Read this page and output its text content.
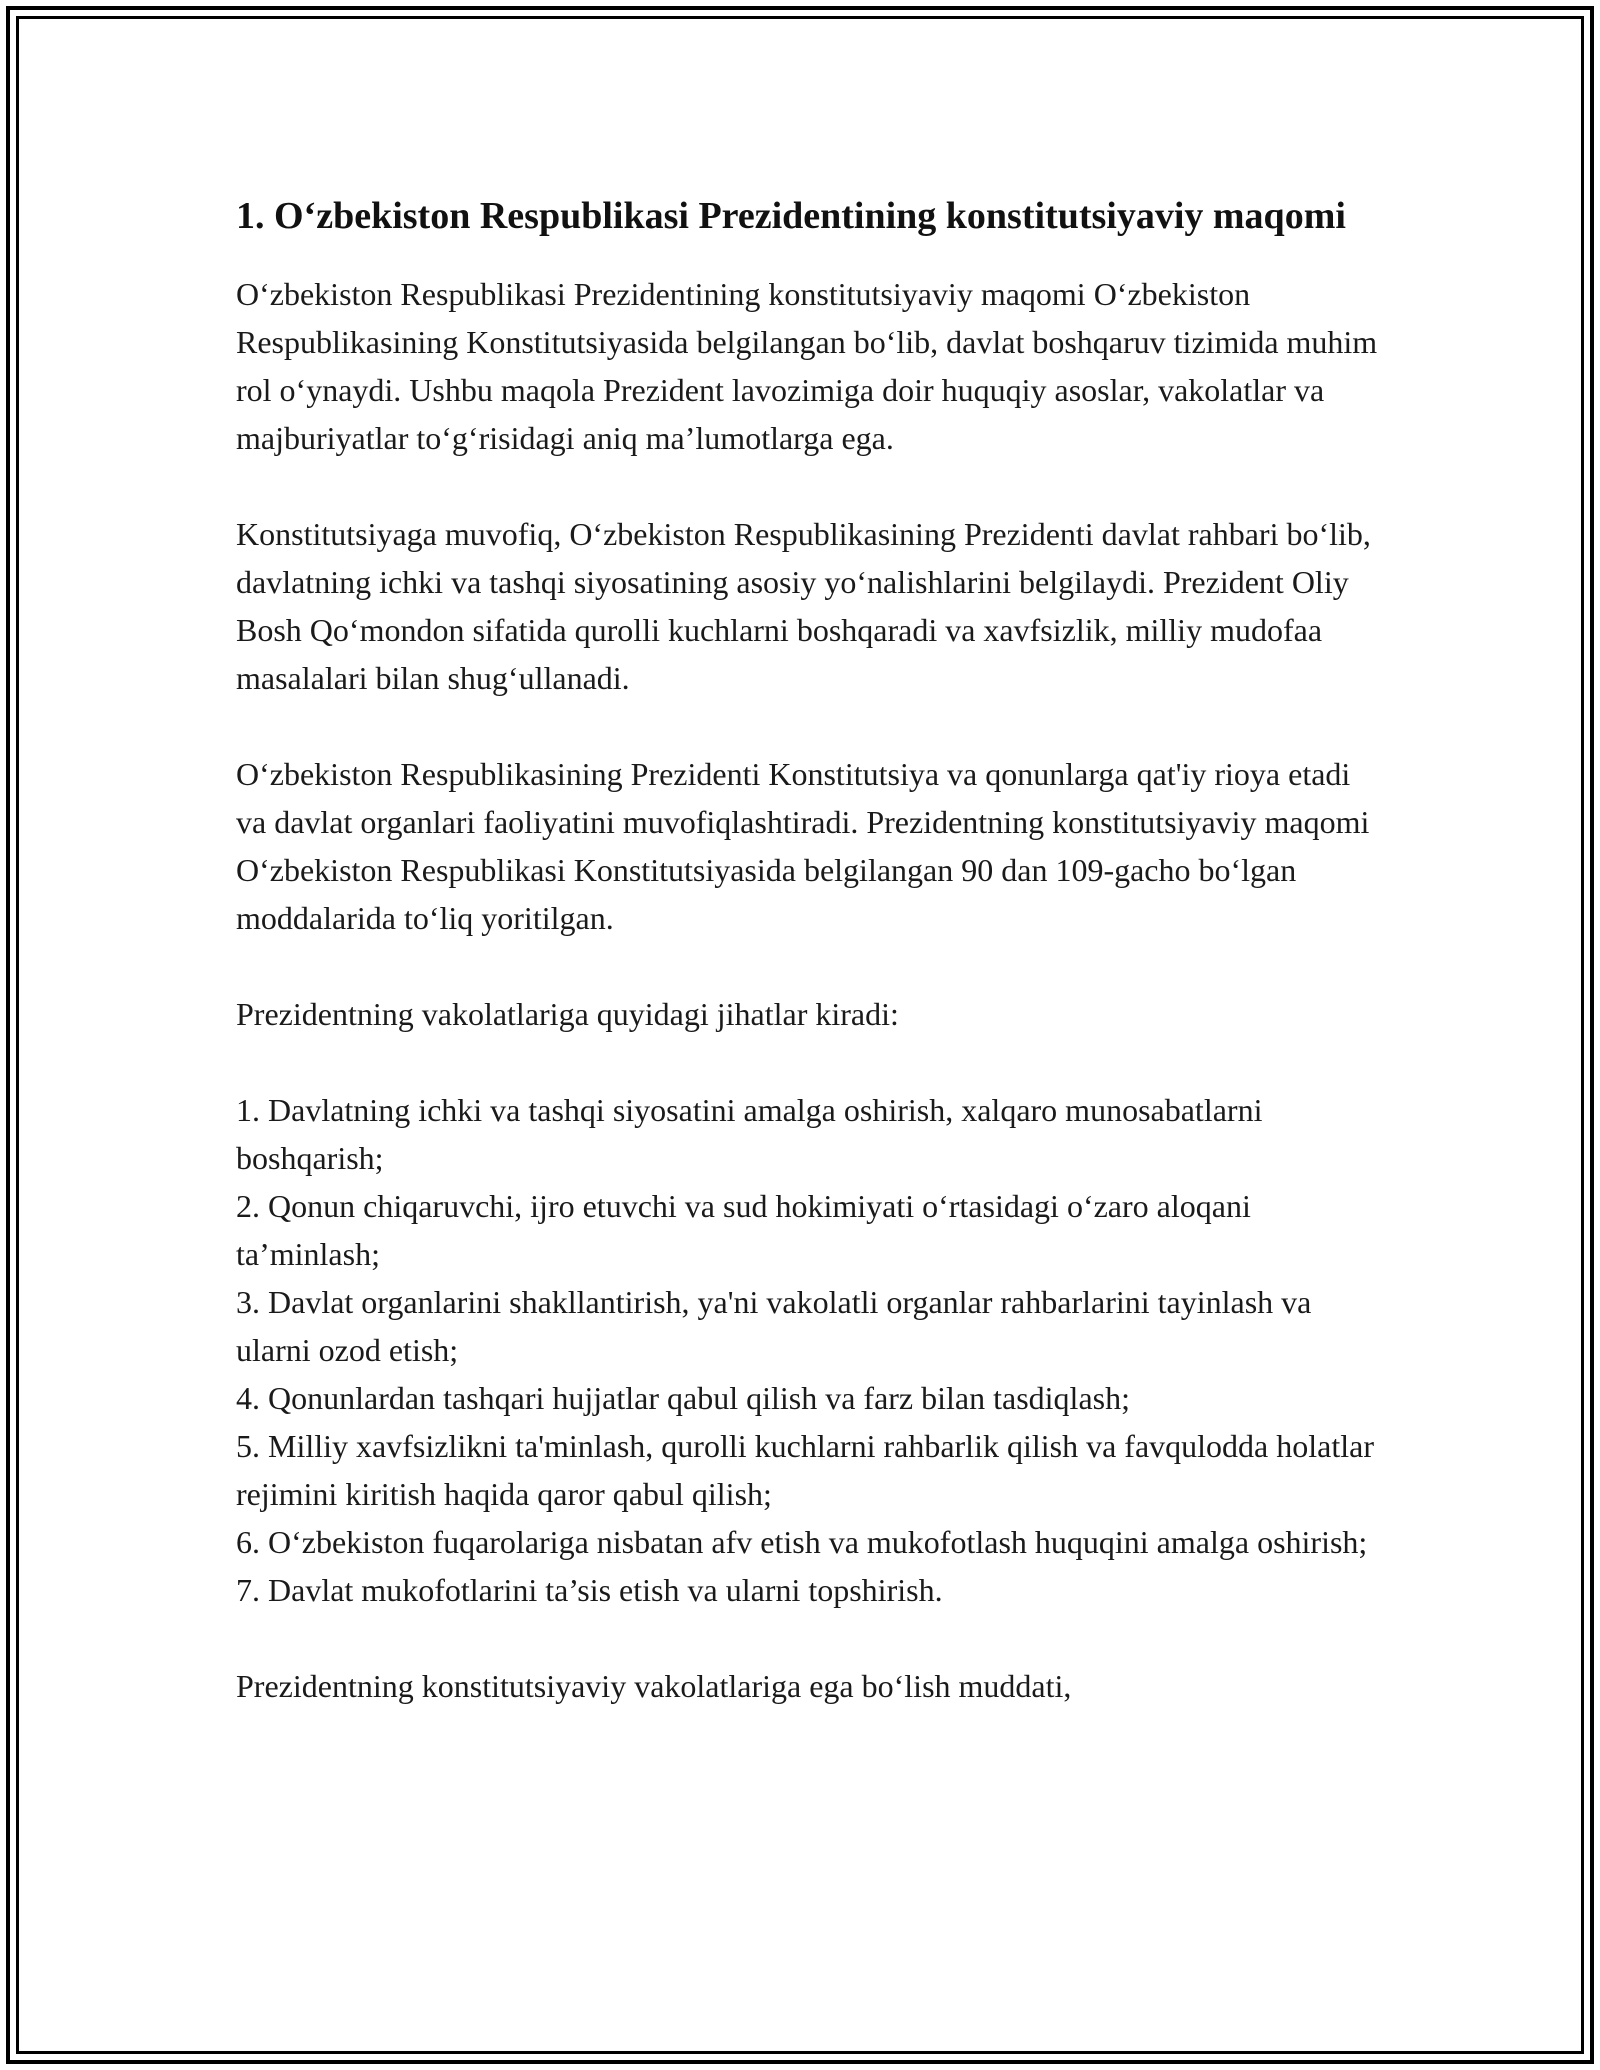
1. O‘zbekiston Respublikasi Prezidentining konstitutsiyaviy maqomi

O‘zbekiston Respublikasi Prezidentining konstitutsiyaviy maqomi O‘zbekiston Respublikasining Konstitutsiyasida belgilangan bo‘lib, davlat boshqaruv tizimida muhim rol o‘ynaydi. Ushbu maqola Prezident lavozimiga doir huquqiy asoslar, vakolatlar va majburiyatlar to‘g‘risidagi aniq ma’lumotlarga ega.

Konstitutsiyaga muvofiq, O‘zbekiston Respublikasining Prezidenti davlat rahbari bo‘lib, davlatning ichki va tashqi siyosatining asosiy yo‘nalishlarini belgilaydi. Prezident Oliy Bosh Qo‘mondon sifatida qurolli kuchlarni boshqaradi va xavfsizlik, milliy mudofaa masalalari bilan shug‘ullanadi.

O‘zbekiston Respublikasining Prezidenti Konstitutsiya va qonunlarga qat'iy rioya etadi va davlat organlari faoliyatini muvofiqlashtiradi. Prezidentning konstitutsiyaviy maqomi O‘zbekiston Respublikasi Konstitutsiyasida belgilangan 90 dan 109-gacho bo‘lgan moddalarida to‘liq yoritilgan.

Prezidentning vakolatlariga quyidagi jihatlar kiradi:

1. Davlatning ichki va tashqi siyosatini amalga oshirish, xalqaro munosabatlarni boshqarish;
2. Qonun chiqaruvchi, ijro etuvchi va sud hokimiyati o‘rtasidagi o‘zaro aloqani ta’minlash;
3. Davlat organlarini shakllantirish, ya'ni vakolatli organlar rahbarlarini tayinlash va ularni ozod etish;
4. Qonunlardan tashqari hujjatlar qabul qilish va farz bilan tasdiqlash;
5. Milliy xavfsizlikni ta'minlash, qurolli kuchlarni rahbarlik qilish va favqulodda holatlar rejimini kiritish haqida qaror qabul qilish;
6. O‘zbekiston fuqarolariga nisbatan afv etish va mukofotlash huquqini amalga oshirish;
7. Davlat mukofotlarini ta’sis etish va ularni topshirish.

Prezidentning konstitutsiyaviy vakolatlariga ega bo‘lish muddati,
